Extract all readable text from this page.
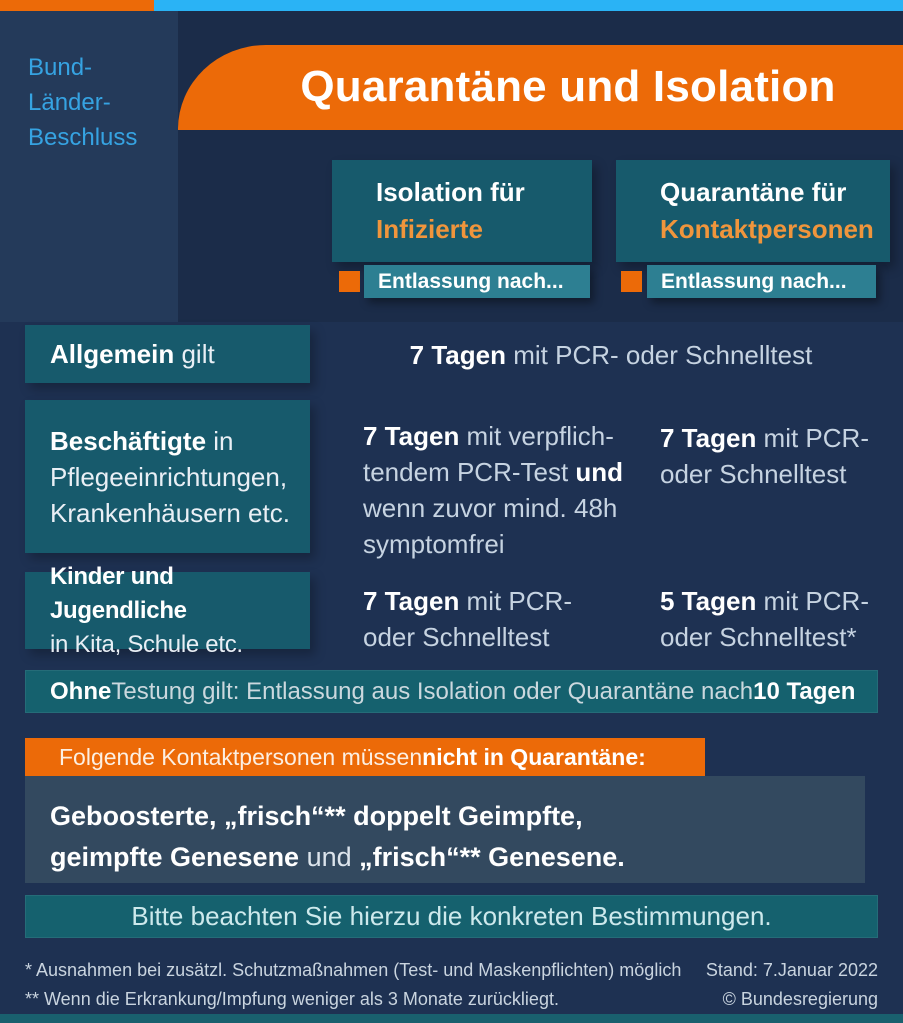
Bund-
Länder-
Beschluss
Quarantäne und Isolation
Isolation für
Infizierte
Quarantäne für
Kontaktpersonen
Entlassung nach...	Entlassung nach...
Allgemein gilt	7 Tagen mit PCR- oder Schnelltest
Beschäftigte in
Pflegeeinrichtungen,
Krankenhäusern etc.
7 Tagen mit verpflich-
tendem PCR-Test und
wenn zuvor mind. 48h
symptomfrei
7 Tagen mit PCR-
oder Schnelltest
Kinder und Jugendliche
in Kita, Schule etc.
7 Tagen mit PCR-
oder Schnelltest
5 Tagen mit PCR-
oder Schnelltest*
Ohne Testung gilt: Entlassung aus Isolation oder Quarantäne nach 10 Tagen
Folgende Kontaktpersonen müssen nicht in Quarantäne:
Geboosterte, „frisch“** doppelt Geimpfte,
geimpfte Genesene und „frisch“** Genesene.
Bitte beachten Sie hierzu die konkreten Bestimmungen.
* Ausnahmen bei zusätzl. Schutzmaßnahmen (Test- und Maskenpflichten) möglich
** Wenn die Erkrankung/Impfung weniger als 3 Monate zurückliegt.
Stand: 7.Januar 2022
© Bundesregierung
